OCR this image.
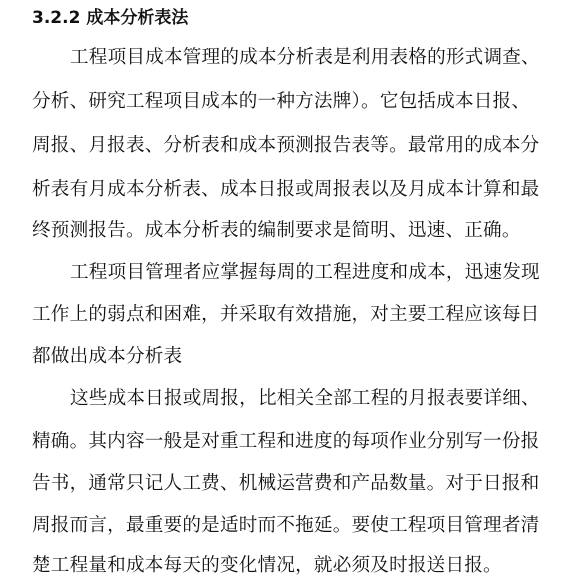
3.2.2 成本分析表法
工程项目成本管理的成本分析表是利用表格的形式调查、
分析、研究工程项目成本的一种方法牌）。它包括成本日报、
周报、月报表、分析表和成本预测报告表等。最常用的成本分
析表有月成本分析表、成本日报或周报表以及月成本计算和最
终预测报告。成本分析表的编制要求是简明、迅速、正确。
工程项目管理者应掌握每周的工程进度和成本，迅速发现
工作上的弱点和困难，并采取有效措施，对主要工程应该每日
都做出成本分析表
这些成本日报或周报，比相关全部工程的月报表要详细、
精确。其内容一般是对重工程和进度的每项作业分别写一份报
告书，通常只记人工费、机械运营费和产品数量。对于日报和
周报而言，最重要的是适时而不拖延。要使工程项目管理者清
楚工程量和成本每天的变化情况，就必须及时报送日报。
